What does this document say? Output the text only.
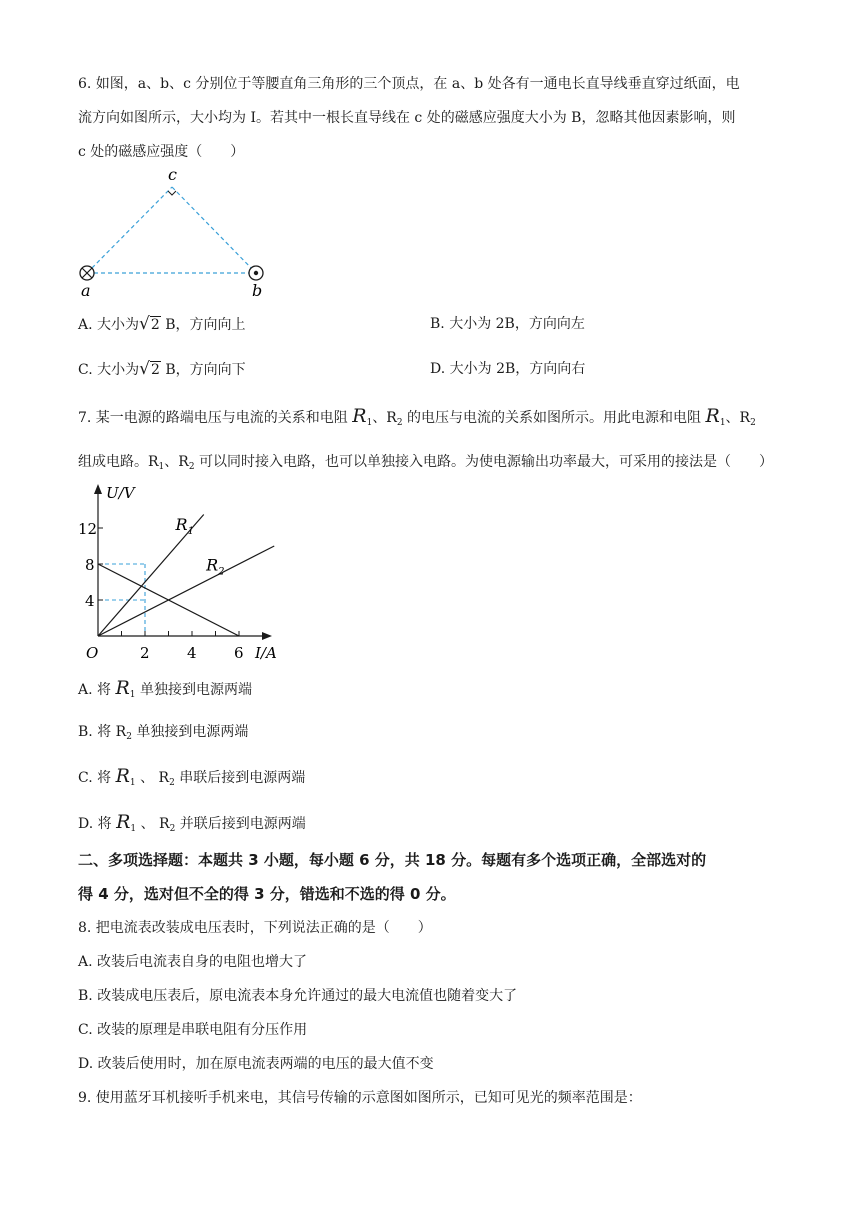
6. 如图，a、b、c 分别位于等腰直角三角形的三个顶点，在 a、b 处各有一通电长直导线垂直穿过纸面，电
流方向如图所示，大小均为 I。若其中一根长直导线在 c 处的磁感应强度大小为 B，忽略其他因素影响，则
c 处的磁感应强度（　　）
a	b
c
A. 大小为√2 B，方向向上	B. 大小为 2B，方向向左
C. 大小为√2 B，方向向下	D. 大小为 2B，方向向右
7. 某一电源的路端电压与电流的关系和电阻 $R_1$、$R_2$ 的电压与电流的关系如图所示。用此电源和电阻 $R_1$、$R_2$
组成电路。$R_1$、$R_2$ 可以同时接入电路，也可以单独接入电路。为使电源输出功率最大，可采用的接法是（　　）
U/V
I/A
O	2 4 6
12
8
4
$R_1$
$R_2$
A. 将 $R_1$ 单独接到电源两端
B. 将 $R_2$ 单独接到电源两端
C. 将 $R_1$ 、 $R_2$ 串联后接到电源两端
D. 将 $R_1$ 、 $R_2$ 并联后接到电源两端
二、多项选择题：本题共 3 小题，每小题 6 分，共 18 分。每题有多个选项正确，全部选对的
得 4 分，选对但不全的得 3 分，错选和不选的得 0 分。
8. 把电流表改装成电压表时，下列说法正确的是（　　）
A. 改装后电流表自身的电阻也增大了
B. 改装成电压表后，原电流表本身允许通过的最大电流值也随着变大了
C. 改装的原理是串联电阻有分压作用
D. 改装后使用时，加在原电流表两端的电压的最大值不变
9. 使用蓝牙耳机接听手机来电，其信号传输的示意图如图所示，已知可见光的频率范围是：
